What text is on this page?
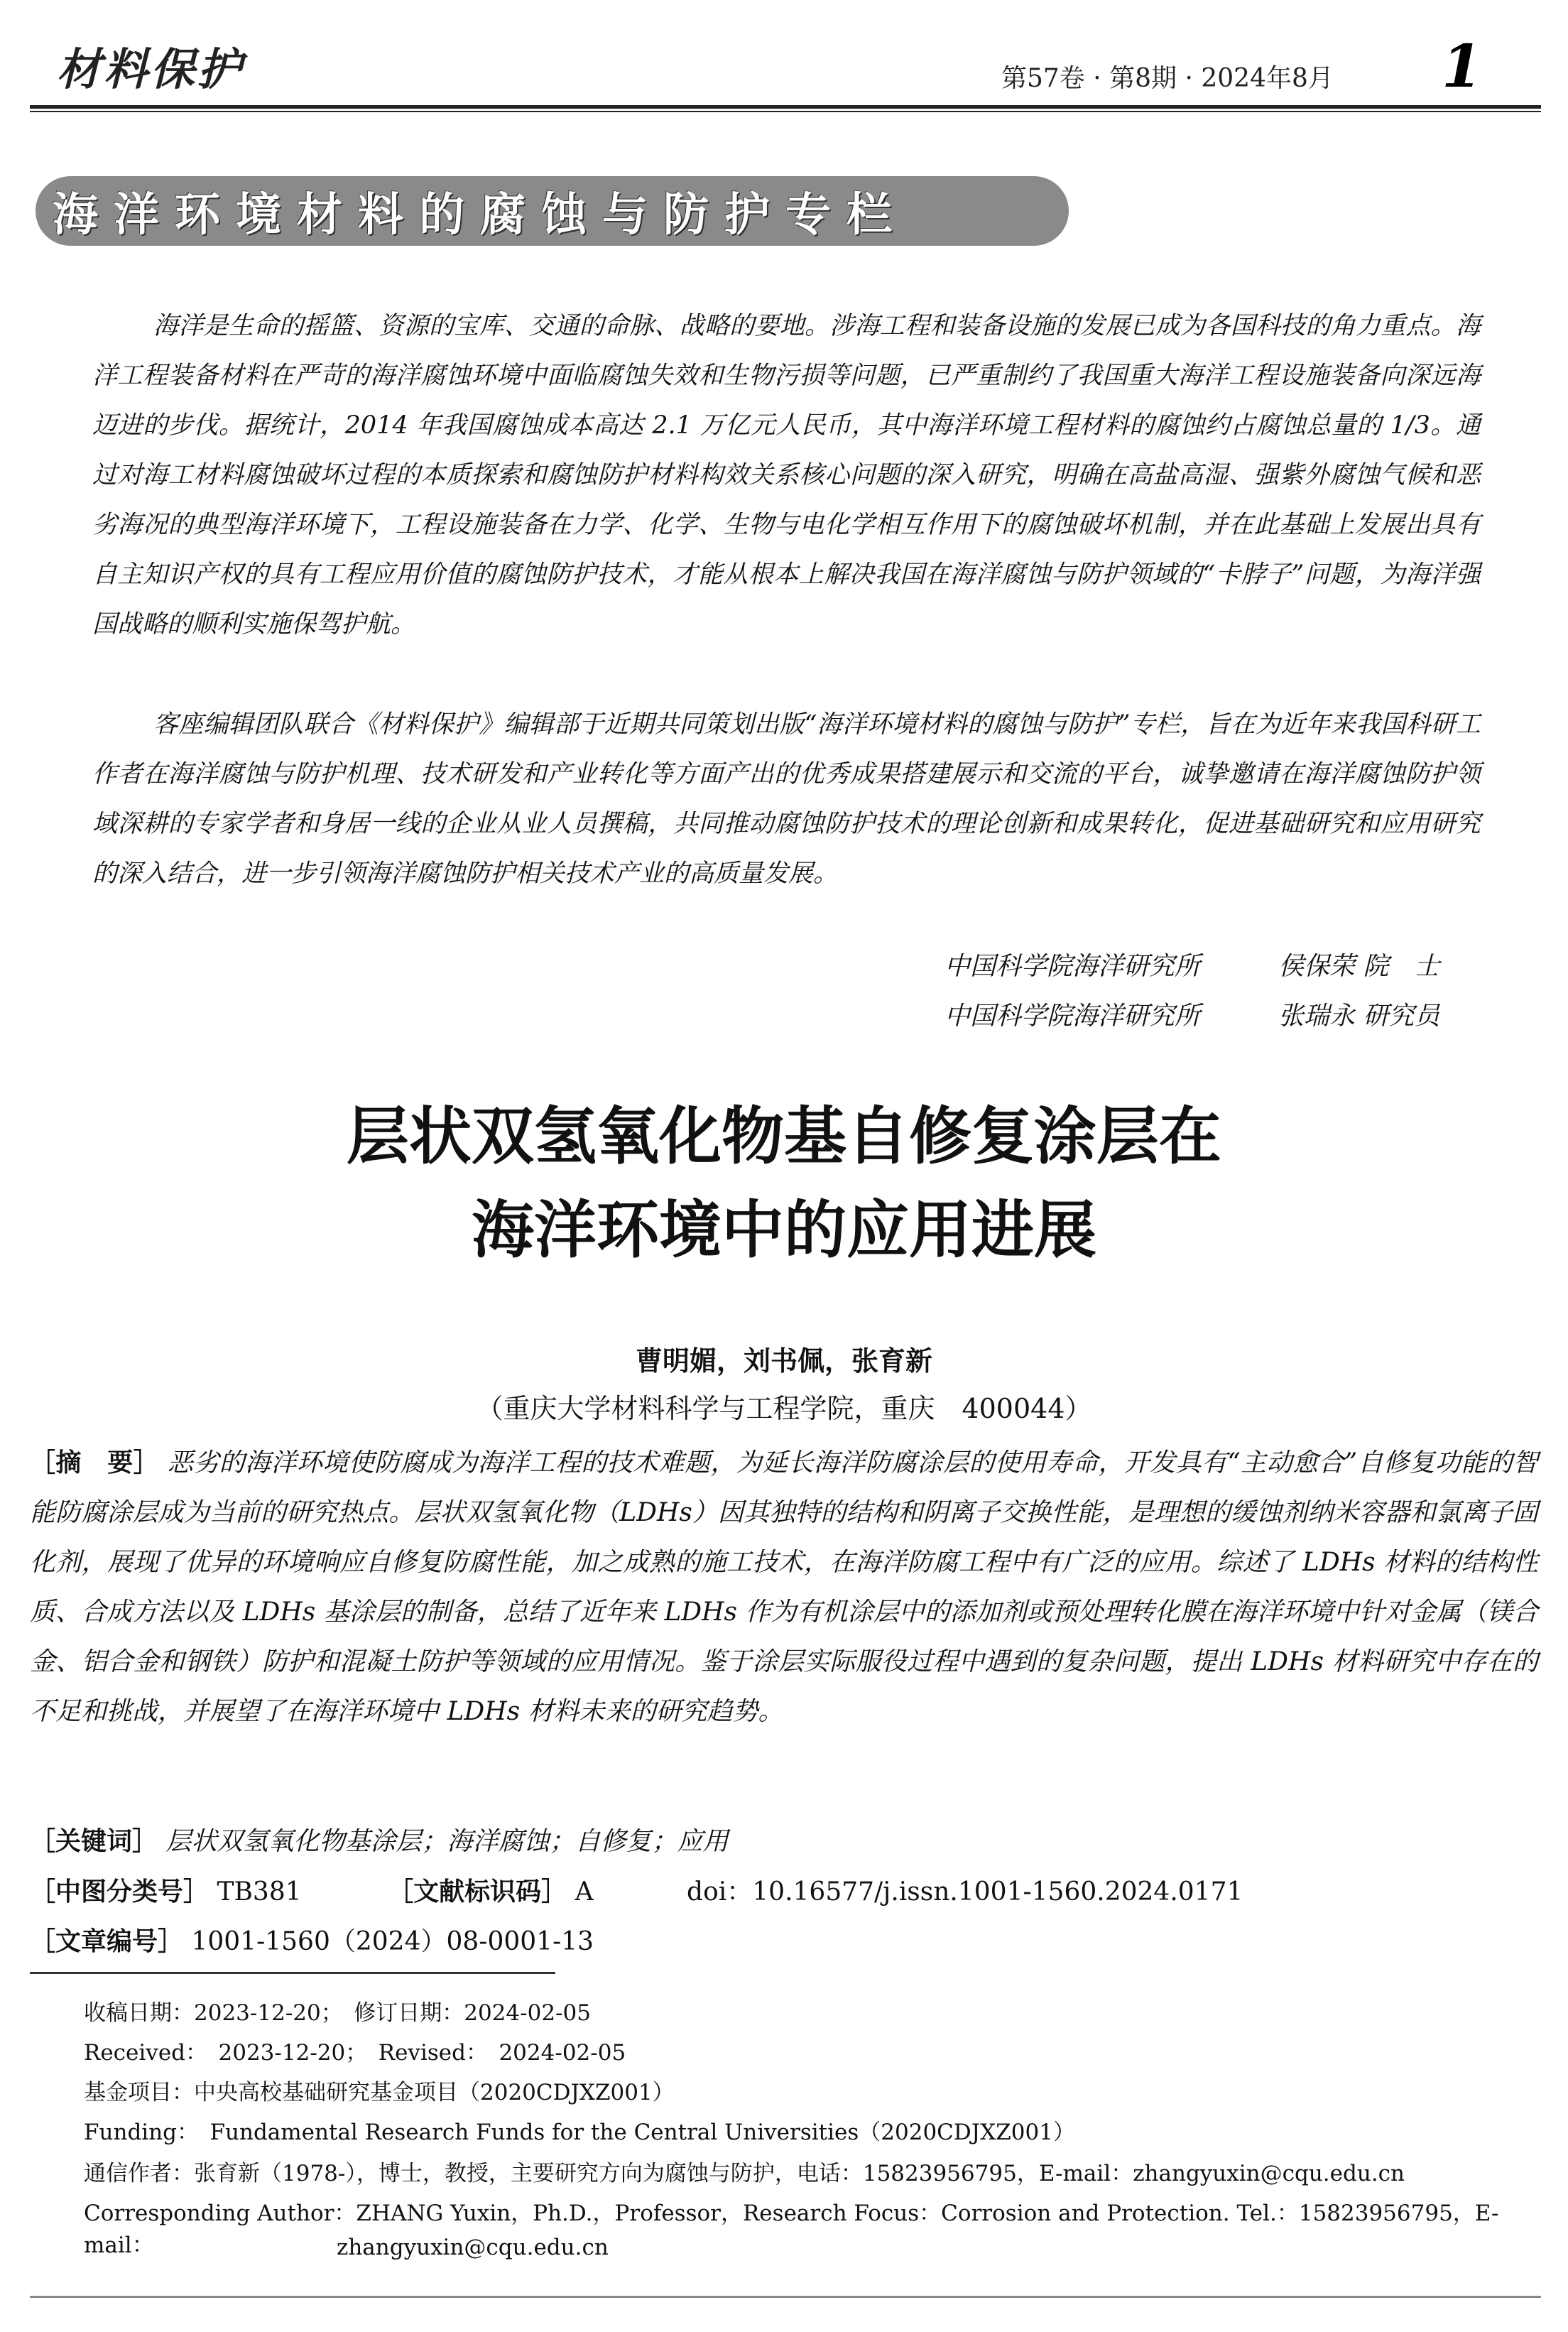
材料保护	第57卷 · 第8期 · 2024年8月 1
海洋环境材料的腐蚀与防护专栏
海洋是生命的摇篮、资源的宝库、交通的命脉、战略的要地。涉海工程和装备设施的发展已成为各国科技的角力重点。海洋工程装备材料在严苛的海洋腐蚀环境中面临腐蚀失效和生物污损等问题，已严重制约了我国重大海洋工程设施装备向深远海迈进的步伐。据统计，2014 年我国腐蚀成本高达 2.1 万亿元人民币，其中海洋环境工程材料的腐蚀约占腐蚀总量的 1/3。通过对海工材料腐蚀破坏过程的本质探索和腐蚀防护材料构效关系核心问题的深入研究，明确在高盐高湿、强紫外腐蚀气候和恶劣海况的典型海洋环境下，工程设施装备在力学、化学、生物与电化学相互作用下的腐蚀破坏机制，并在此基础上发展出具有自主知识产权的具有工程应用价值的腐蚀防护技术，才能从根本上解决我国在海洋腐蚀与防护领域的“卡脖子”问题，为海洋强国战略的顺利实施保驾护航。
客座编辑团队联合《材料保护》编辑部于近期共同策划出版“海洋环境材料的腐蚀与防护”专栏，旨在为近年来我国科研工作者在海洋腐蚀与防护机理、技术研发和产业转化等方面产出的优秀成果搭建展示和交流的平台，诚挚邀请在海洋腐蚀防护领域深耕的专家学者和身居一线的企业从业人员撰稿，共同推动腐蚀防护技术的理论创新和成果转化，促进基础研究和应用研究的深入结合，进一步引领海洋腐蚀防护相关技术产业的高质量发展。
中国科学院海洋研究所	侯保荣 院　士
中国科学院海洋研究所	张瑞永 研究员
层状双氢氧化物基自修复涂层在
海洋环境中的应用进展
曹明媚，刘书佩，张育新
（重庆大学材料科学与工程学院，重庆　400044）
［摘　要］ 恶劣的海洋环境使防腐成为海洋工程的技术难题，为延长海洋防腐涂层的使用寿命，开发具有“主动愈合”自修复功能的智能防腐涂层成为当前的研究热点。层状双氢氧化物（LDHs）因其独特的结构和阴离子交换性能，是理想的缓蚀剂纳米容器和氯离子固化剂，展现了优异的环境响应自修复防腐性能，加之成熟的施工技术，在海洋防腐工程中有广泛的应用。综述了 LDHs 材料的结构性质、合成方法以及 LDHs 基涂层的制备，总结了近年来 LDHs 作为有机涂层中的添加剂或预处理转化膜在海洋环境中针对金属（镁合金、铝合金和钢铁）防护和混凝土防护等领域的应用情况。鉴于涂层实际服役过程中遇到的复杂问题，提出 LDHs 材料研究中存在的不足和挑战，并展望了在海洋环境中 LDHs 材料未来的研究趋势。
［关键词］ 层状双氢氧化物基涂层；海洋腐蚀；自修复；应用
［中图分类号］ TB381	［文献标识码］ A	doi：10.16577/j.issn.1001-1560.2024.0171
［文章编号］ 1001-1560（2024）08-0001-13
收稿日期：2023-12-20；　修订日期：2024-02-05
Received：　2023-12-20；　Revised：　2024-02-05
基金项目：中央高校基础研究基金项目（2020CDJXZ001）
Funding：　Fundamental Research Funds for the Central Universities（2020CDJXZ001）
通信作者：张育新（1978-），博士，教授，主要研究方向为腐蚀与防护，电话：15823956795，E-mail：zhangyuxin@cqu.edu.cn
Corresponding Author：ZHANG Yuxin，Ph.D.，Professor，Research Focus：Corrosion and Protection. Tel.：15823956795，E-mail：	zhangyuxin@cqu.edu.cn
